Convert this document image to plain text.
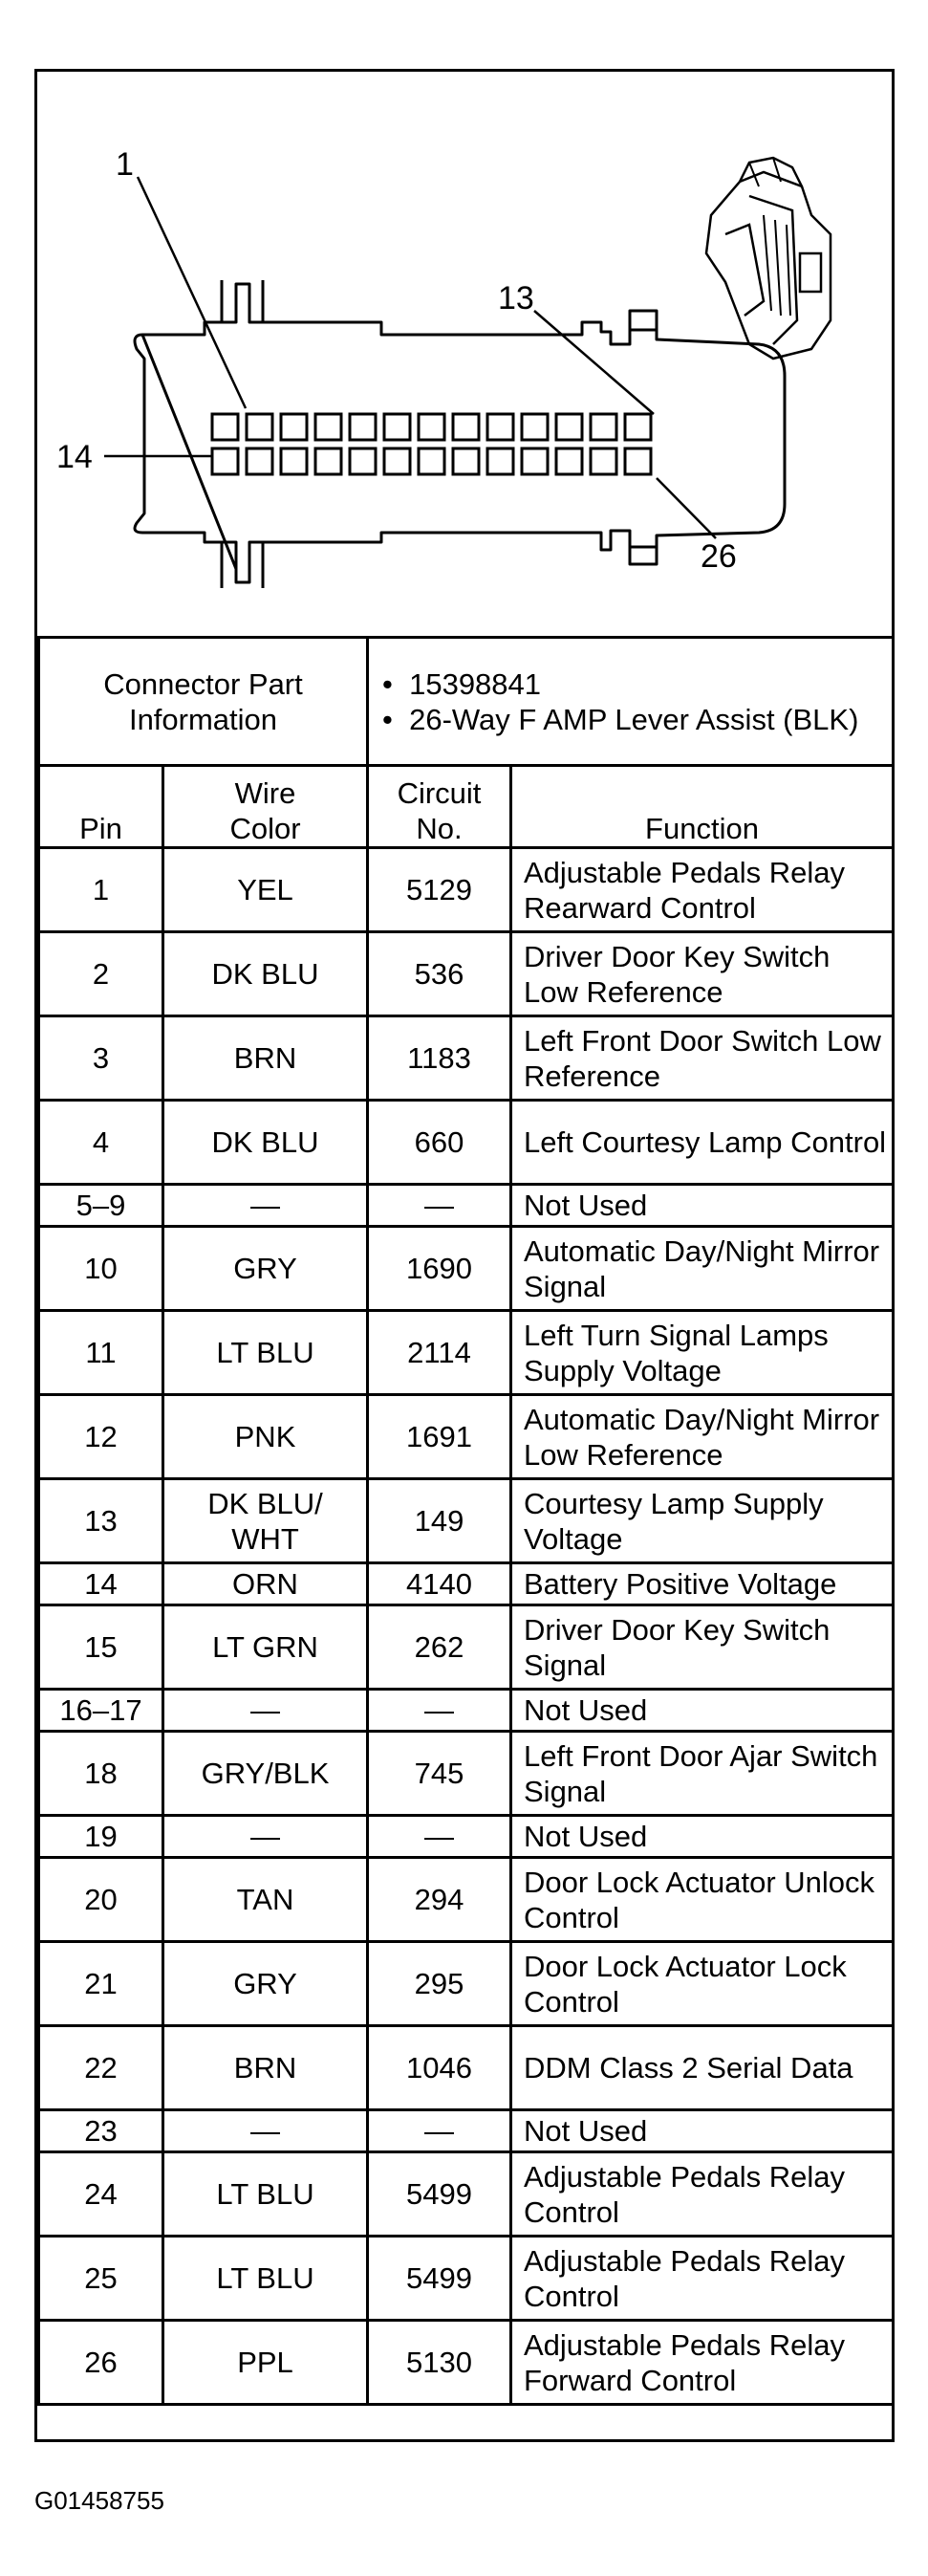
1
13
14
26
Connector Part Information		•  15398841
•  26-Way F AMP Lever Assist (BLK)	

Pin	Wire Color	Circuit No.	Function
1	YEL	5129	Adjustable Pedals Relay Rearward Control
2	DK BLU	536	Driver Door Key Switch Low Reference
3	BRN	1183	Left Front Door Switch Low Reference
4	DK BLU	660	Left Courtesy Lamp Control
5–9	—	—	Not Used
10	GRY	1690	Automatic Day/Night Mirror Signal
11	LT BLU	2114	Left Turn Signal Lamps Supply Voltage
12	PNK	1691	Automatic Day/Night Mirror Low Reference
13	DK BLU/ WHT	149	Courtesy Lamp Supply Voltage
14	ORN	4140	Battery Positive Voltage
15	LT GRN	262	Driver Door Key Switch Signal
16–17	—	—	Not Used
18	GRY/BLK	745	Left Front Door Ajar Switch Signal
19	—	—	Not Used
20	TAN	294	Door Lock Actuator Unlock Control
21	GRY	295	Door Lock Actuator Lock Control
22	BRN	1046	DDM Class 2 Serial Data
23	—	—	Not Used
24	LT BLU	5499	Adjustable Pedals Relay Control
25	LT BLU	5499	Adjustable Pedals Relay Control
26	PPL	5130	Adjustable Pedals Relay Forward Control
G01458755
